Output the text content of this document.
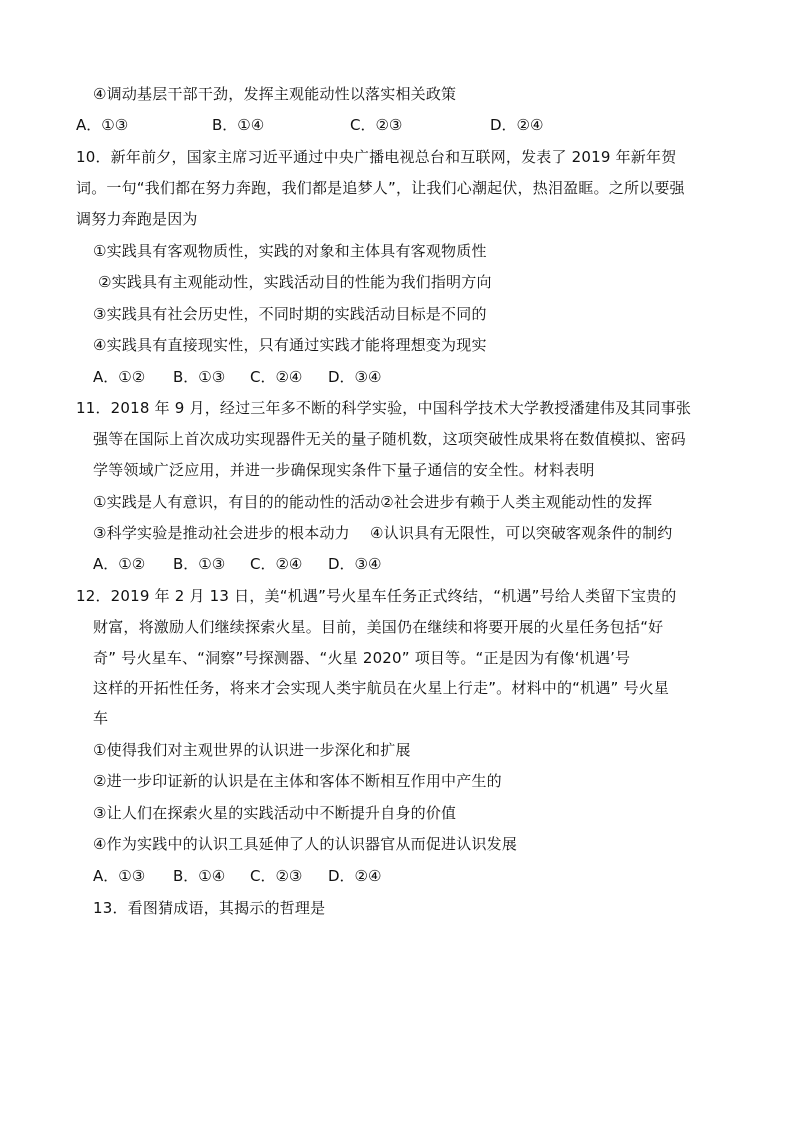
④调动基层干部干劲，发挥主观能动性以落实相关政策
A．①③	B．①④	C．②③	D．②④
10．新年前夕，国家主席习近平通过中央广播电视总台和互联网，发表了 2019 年新年贺
词。一句“我们都在努力奔跑，我们都是追梦人”，让我们心潮起伏，热泪盈眶。之所以要强
调努力奔跑是因为
①实践具有客观物质性，实践的对象和主体具有客观物质性
②实践具有主观能动性，实践活动目的性能为我们指明方向
③实践具有社会历史性，不同时期的实践活动目标是不同的
④实践具有直接现实性，只有通过实践才能将理想变为现实
A．①② B．①③ C．②④ D．③④
11．2018 年 9 月，经过三年多不断的科学实验，中国科学技术大学教授潘建伟及其同事张
强等在国际上首次成功实现器件无关的量子随机数，这项突破性成果将在数值模拟、密码
学等领域广泛应用，并进一步确保现实条件下量子通信的安全性。材料表明
①实践是人有意识，有目的的能动性的活动②社会进步有赖于人类主观能动性的发挥
③科学实验是推动社会进步的根本动力　 ④认识具有无限性，可以突破客观条件的制约
A．①② B．①③ C．②④ D．③④
12．2019 年 2 月 13 日，美“机遇”号火星车任务正式终结，“机遇”号给人类留下宝贵的
财富，将激励人们继续探索火星。目前，美国仍在继续和将要开展的火星任务包括“好
奇” 号火星车、“洞察”号探测器、“火星 2020” 项目等。“正是因为有像‘机遇’号
这样的开拓性任务，将来才会实现人类宇航员在火星上行走”。材料中的“机遇” 号火星
车
①使得我们对主观世界的认识进一步深化和扩展
②进一步印证新的认识是在主体和客体不断相互作用中产生的
③让人们在探索火星的实践活动中不断提升自身的价值
④作为实践中的认识工具延伸了人的认识器官从而促进认识发展
A．①③ B．①④ C．②③ D．②④
13．看图猜成语，其揭示的哲理是
